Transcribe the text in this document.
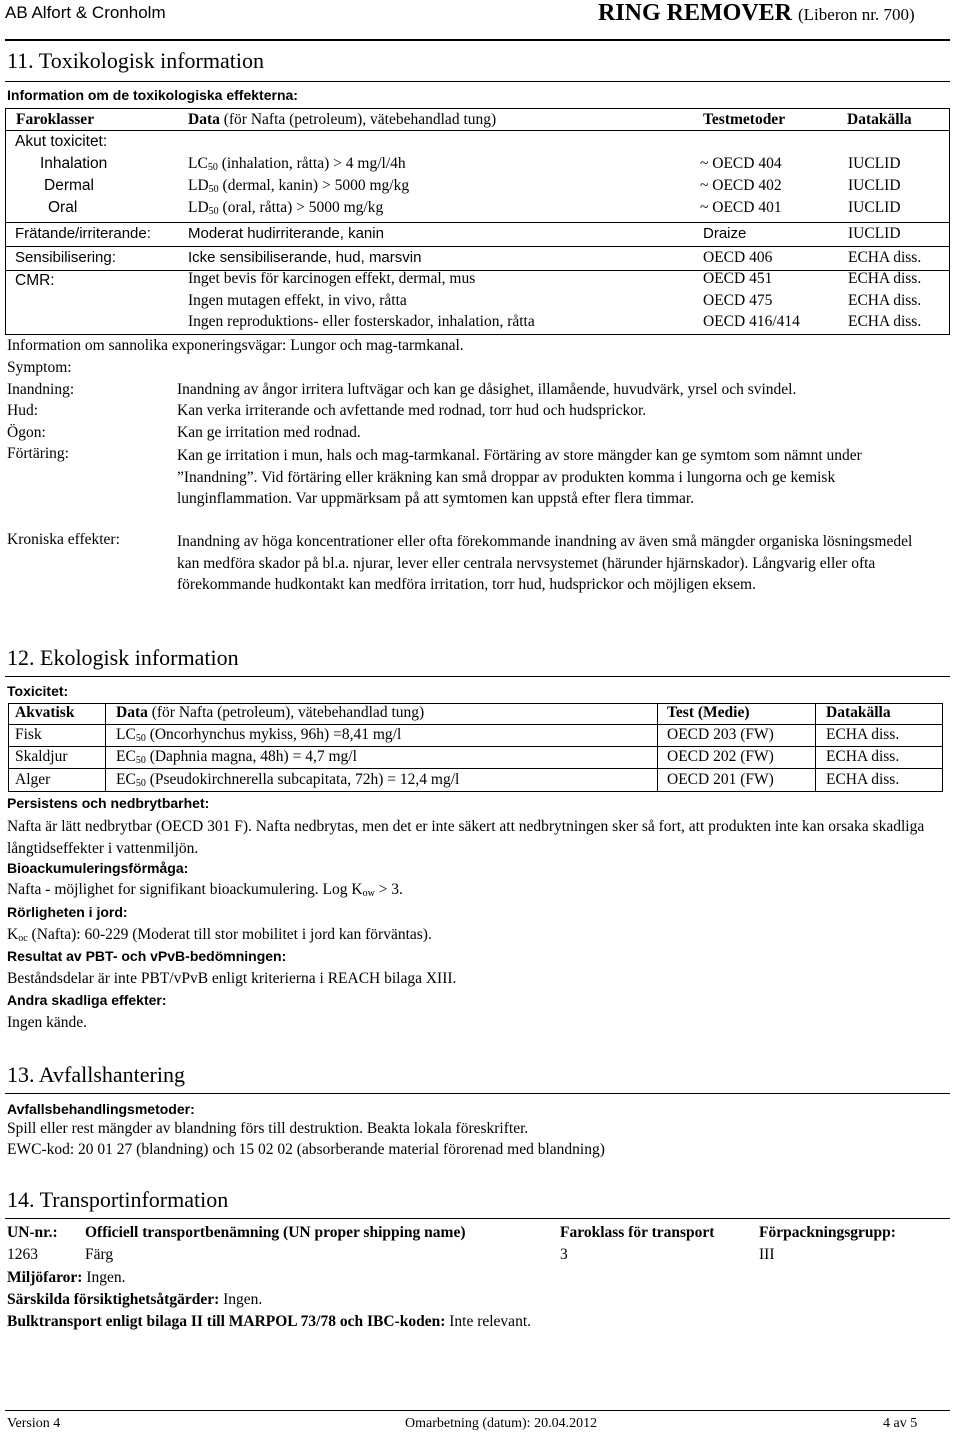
AB Alfort & Cronholm	RING REMOVER (Liberon nr. 700)
11. Toxikologisk information
Information om de toxikologiska effekterna:
Faroklasser	Data (för Nafta (petroleum), vätebehandlad tung)	Testmetoder	Datakälla
Akut toxicitet:
Inhalation	$LC_{50}$ (inhalation, råtta) > 4 mg/l/4h	~ OECD 404	IUCLID
Dermal	$LD_{50}$ (dermal, kanin) > 5000 mg/kg	~ OECD 402	IUCLID
Oral	$LD_{50}$ (oral, råtta) > 5000 mg/kg	~ OECD 401	IUCLID
Frätande/irriterande: Moderat hudirriterande, kanin	Draize	IUCLID
Sensibilisering:	Icke sensibiliserande, hud, marsvin	OECD 406	ECHA diss.
CMR:	Inget bevis för karcinogen effekt, dermal, mus	OECD 451	ECHA diss.
Ingen mutagen effekt, in vivo, råtta	OECD 475	ECHA diss.
Ingen reproduktions- eller fosterskador, inhalation, råtta	OECD 416/414	ECHA diss.
Information om sannolika exponeringsvägar: Lungor och mag-tarmkanal.
Symptom:
Inandning:	Inandning av ångor irritera luftvägar och kan ge dåsighet, illamående, huvudvärk, yrsel och svindel.
Hud:	Kan verka irriterande och avfettande med rodnad, torr hud och hudsprickor.
Ögon:	Kan ge irritation med rodnad.
Förtäring:	Kan ge irritation i mun, hals och mag-tarmkanal. Förtäring av store mängder kan ge symtom som nämnt under ”Inandning”. Vid förtäring eller kräkning kan små droppar av produkten komma i lungorna och ge kemisk lunginflammation. Var uppmärksam på att symtomen kan uppstå efter flera timmar.
Kroniska effekter:	Inandning av höga koncentrationer eller ofta förekommande inandning av även små mängder organiska lösningsmedel kan medföra skador på bl.a. njurar, lever eller centrala nervsystemet (härunder hjärnskador). Långvarig eller ofta förekommande hudkontakt kan medföra irritation, torr hud, hudsprickor och möjligen eksem.
12. Ekologisk information
Toxicitet:
Akvatisk	Data (för Nafta (petroleum), vätebehandlad tung)	Test (Medie)	Datakälla
Fisk	$LC_{50}$ (Oncorhynchus mykiss, 96h) =8,41 mg/l	OECD 203 (FW)	ECHA diss.
Skaldjur	$EC_{50}$ (Daphnia magna, 48h) = 4,7 mg/l	OECD 202 (FW)	ECHA diss.
Alger	$EC_{50}$ (Pseudokirchnerella subcapitata, 72h) = 12,4 mg/l	OECD 201 (FW)	ECHA diss.
Persistens och nedbrytbarhet:
Nafta är lätt nedbrytbar (OECD 301 F). Nafta nedbrytas, men det er inte säkert att nedbrytningen sker så fort, att produkten inte kan orsaka skadliga långtidseffekter i vattenmiljön.
Bioackumuleringsförmåga:
Nafta - möjlighet for signifikant bioackumulering. Log $K_{ow} > 3$.
Rörligheten i jord:
$K_{oc}$ (Nafta): 60-229 (Moderat till stor mobilitet i jord kan förväntas).
Resultat av PBT- och vPvB-bedömningen:
Beståndsdelar är inte PBT/vPvB enligt kriterierna i REACH bilaga XIII.
Andra skadliga effekter:
Ingen kände.
13. Avfallshantering
Avfallsbehandlingsmetoder:
Spill eller rest mängder av blandning förs till destruktion. Beakta lokala föreskrifter.
EWC-kod: 20 01 27 (blandning) och 15 02 02 (absorberande material förorenad med blandning)
14. Transportinformation
UN-nr.: Officiell transportbenämning (UN proper shipping name)	Faroklass för transport	Förpackningsgrupp:
1263	Färg	3	III
Miljöfaror: Ingen.
Särskilda försiktighetsåtgärder: Ingen.
Bulktransport enligt bilaga II till MARPOL 73/78 och IBC-koden: Inte relevant.
Version 4	Omarbetning (datum): 20.04.2012	4 av 5
